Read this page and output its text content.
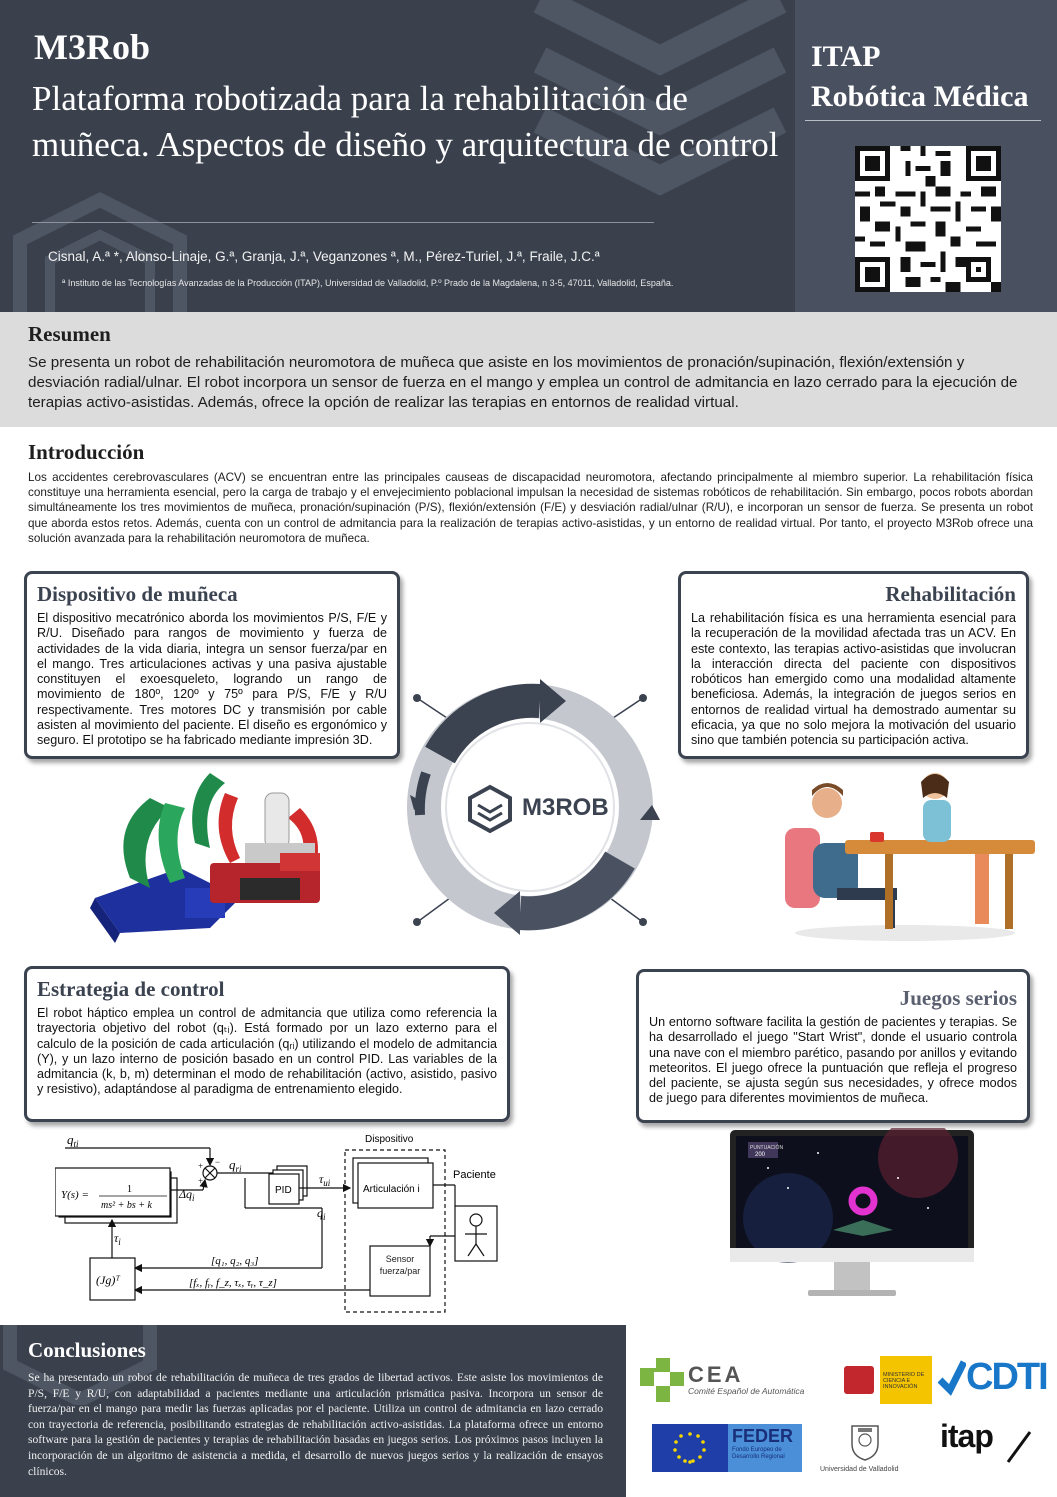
M3Rob
Plataforma robotizada para la rehabilitación de muñeca. Aspectos de diseño y arquitectura de control
Cisnal, A.ª *, Alonso-Linaje, G.ª, Granja, J.ª, Veganzones ª, M., Pérez-Turiel, J.ª, Fraile, J.C.ª
ª Instituto de las Tecnologías Avanzadas de la Producción (ITAP), Universidad de Valladolid, P.º Prado de la Magdalena, n 3-5, 47011, Valladolid, España.
ITAP
Robótica Médica
Resumen
Se presenta un robot de rehabilitación neuromotora de muñeca que asiste en los movimientos de pronación/supinación, flexión/extensión y desviación radial/ulnar. El robot incorpora un sensor de fuerza en el mango y emplea un control de admitancia en lazo cerrado para la ejecución de terapias activo-asistidas. Además, ofrece la opción de realizar las terapias en entornos de realidad virtual.
Introducción
Los accidentes cerebrovasculares (ACV) se encuentran entre las principales causeas de discapacidad neuromotora, afectando principalmente al miembro superior. La rehabilitación física constituye una herramienta esencial, pero la carga de trabajo y el envejecimiento poblacional impulsan la necesidad de sistemas robóticos de rehabilitación. Sin embargo, pocos robots abordan simultáneamente los tres movimientos de muñeca, pronación/supinación (P/S), flexión/extensión (F/E) y desviación radial/ulnar (R/U), e incorporan un sensor de fuerza. Se presenta un robot que aborda estos retos. Además, cuenta con un control de admitancia para la realización de terapias activo-asistidas, y un entorno de realidad virtual. Por tanto, el proyecto M3Rob ofrece una solución avanzada para la rehabilitación neuromotora de muñeca.
Dispositivo de muñeca
El dispositivo mecatrónico aborda los movimientos P/S, F/E y R/U. Diseñado para rangos de movimiento y fuerza de actividades de la vida diaria, integra un sensor fuerza/par en el mango. Tres articulaciones activas y una pasiva ajustable constituyen el exoesqueleto, logrando un rango de movimiento de 180º, 120º y 75º para P/S, F/E y R/U respectivamente. Tres motores DC y transmisión por cable asisten al movimiento del paciente. El diseño es ergonómico y seguro. El prototipo se ha fabricado mediante impresión 3D.
Rehabilitación
La rehabilitación física es una herramienta esencial para la recuperación de la movilidad afectada tras un ACV. En este contexto, las terapias activo-asistidas que involucran la interacción directa del paciente con dispositivos robóticos han emergido como una modalidad altamente beneficiosa. Además, la integración de juegos serios en entornos de realidad virtual ha demostrado aumentar su eficacia, ya que no solo mejora la motivación del usuario sino que también potencia su participación activa.
M3ROB
Estrategia de control
El robot háptico emplea un control de admitancia que utiliza como referencia la trayectoria objetivo del robot (qₜᵢ). Está formado por un lazo externo para el calculo de la posición de cada articulación (qᵣᵢ) utilizando el modelo de admitancia (Y), y un lazo interno de posición basado en un control PID. Las variables de la admitancia (k, b, m) determinan el modo de rehabilitación (activo, asistido, pasivo y resistivo), adaptándose al paradigma de entrenamiento elegido.
Juegos serios
Un entorno software facilita la gestión de pacientes y terapias. Se ha desarrollado el juego "Start Wrist", donde el usuario controla una nave con el miembro parético, pasando por anillos y evitando meteoritos. El juego ofrece la puntuación que refleja el progreso del paciente, se ajusta según sus necesidades, y ofrece modos de juego para diferentes movimientos de muñeca.
$q_{ti}$
$q_{ri}$
$\Delta q_i$
+
+
−
Y(s) =	1
ms² + bs + k
PID
$\tau_{ui}$
Articulación i
Dispositivo
Paciente
$q_i$
$\tau_i$
(Jg)ᵀ
[q₁, q₂, q₃]
[fₓ, fᵧ, f_z, τₓ, τᵧ, τ_z]
Sensor fuerza/par
PUNTUACIÓN
200
Conclusiones
Se ha presentado un robot de rehabilitación de muñeca de tres grados de libertad activos. Este asiste los movimientos de P/S, F/E y R/U, con adaptabilidad a pacientes mediante una articulación prismática pasiva. Incorpora un sensor de fuerza/par en el mango para medir las fuerzas aplicadas por el paciente. Utiliza un control de admitancia en lazo cerrado con trayectoria de referencia, posibilitando estrategias de rehabilitación activo-asistidas. La plataforma ofrece un entorno software para la gestión de pacientes y terapias de rehabilitación basadas en juegos serios. Los próximos pasos incluyen la incorporación de un algoritmo de asistencia a medida, el desarrollo de nuevos juegos serios y la realización de ensayos clínicos.
CEA
Comité Español de Automática
MINISTERIO DE CIENCIA E INNOVACIÓN	CDTI
FEDER
Fondo Europeo de Desarrollo Regional
Universidad de Valladolid
itap
